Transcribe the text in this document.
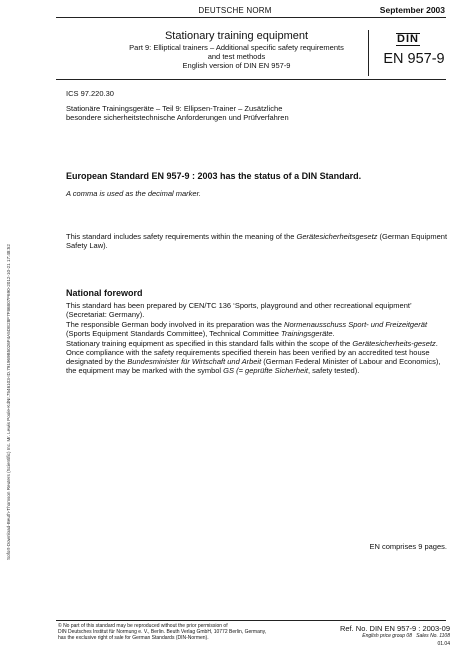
DEUTSCHE NORM	September 2003
Stationary training equipment
Part 9: Elliptical trainers – Additional specific safety requirements
and test methods
English version of DIN EN 957-9
DIN
EN 957-9
ICS 97.220.30
Stationäre Trainingsgeräte – Teil 9: Ellipsen-Trainer – Zusätzliche
besondere sicherheitstechnische Anforderungen und Prüfverfahren
European Standard EN 957-9 : 2003 has the status of a DIN Standard.
A comma is used as the decimal marker.
This standard includes safety requirements within the meaning of the Gerätesicherheitsgesetz (German Equipment Safety Law).
National foreword

This standard has been prepared by CEN/TC 136 ‘Sports, playground and other recreational equipment’ (Secretariat: Germany).

The responsible German body involved in its preparation was the Normenausschuss Sport- und Freizeitgerät (Sports Equipment Standards Committee), Technical Committee Trainingsgeräte.

Stationary training equipment as specified in this standard falls within the scope of the Gerätesicherheits-gesetz. Once compliance with the safety requirements specified therein has been verified by an accredited test house designated by the Bundesminister für Wirtschaft und Arbeit (German Federal Minister of Labour and Economics), the equipment may be marked with the symbol GS (= geprüfte Sicherheit, safety tested).

EN comprises 9 pages.
© No part of this standard may be reproduced without the prior permission of
DIN Deutsches Institut für Normung e. V., Berlin. Beuth Verlag GmbH, 10772 Berlin, Germany,
has the exclusive right of sale for German Standards (DIN-Normen).
Ref. No. DIN EN 957-9 : 2003-09
English price group 08 Sales No. 1108
01.04
Sofort-Download-Beuth-Thomson Reuters (Scientific) Inc. Mr. Lewis Poole-KdNr.7546103-ID.791969B5026F4A5DE28F7F86807F690-2012-10-21 17:48:52
